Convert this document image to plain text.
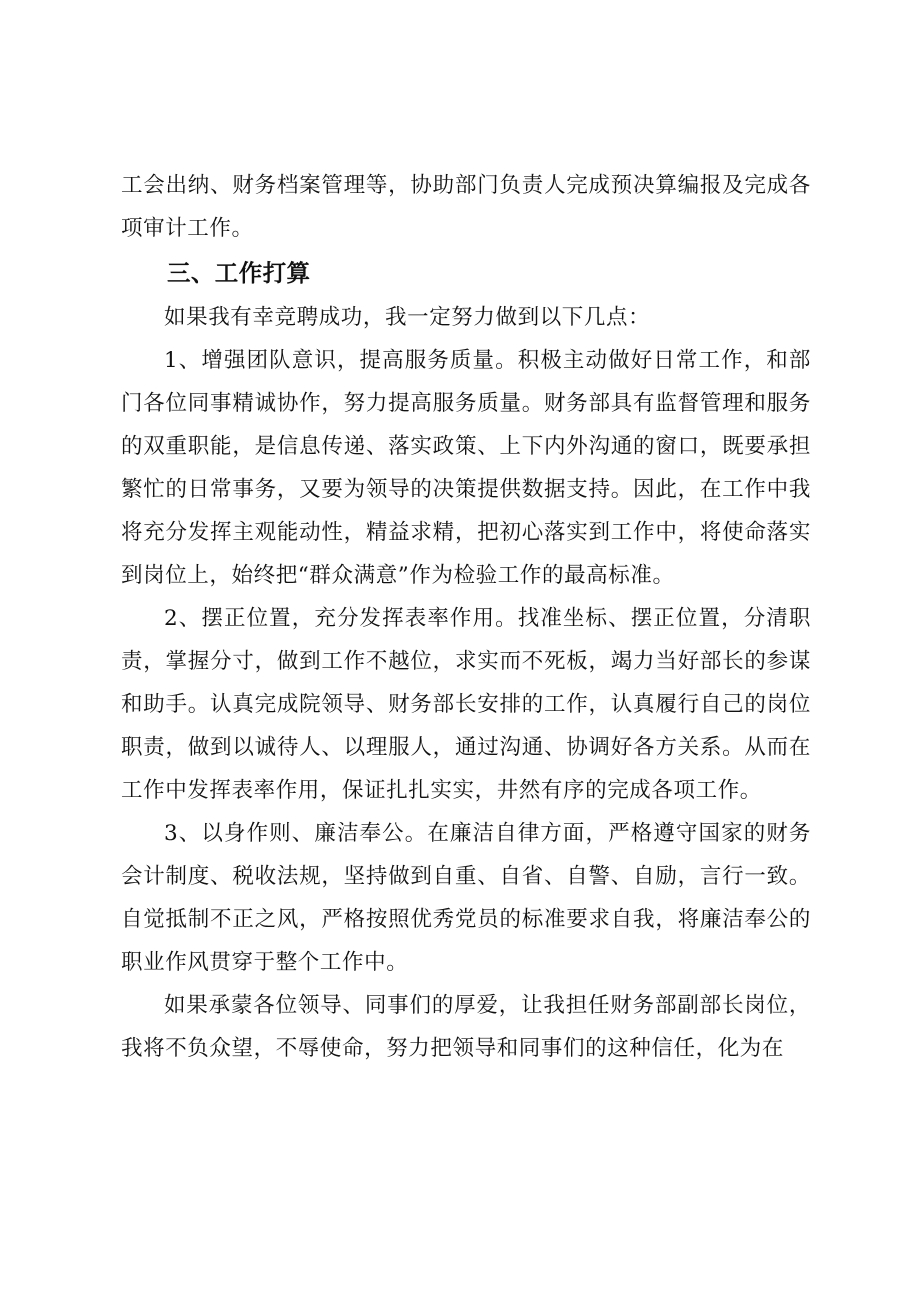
工会出纳、财务档案管理等，协助部门负责人完成预决算编报及完成各项审计工作。

三、工作打算

如果我有幸竞聘成功，我一定努力做到以下几点：

1、增强团队意识，提高服务质量。积极主动做好日常工作，和部门各位同事精诚协作，努力提高服务质量。财务部具有监督管理和服务的双重职能，是信息传递、落实政策、上下内外沟通的窗口，既要承担繁忙的日常事务，又要为领导的决策提供数据支持。因此，在工作中我将充分发挥主观能动性，精益求精，把初心落实到工作中，将使命落实到岗位上，始终把“群众满意”作为检验工作的最高标准。

2、摆正位置，充分发挥表率作用。找准坐标、摆正位置，分清职责，掌握分寸，做到工作不越位，求实而不死板，竭力当好部长的参谋和助手。认真完成院领导、财务部长安排的工作，认真履行自己的岗位职责，做到以诚待人、以理服人，通过沟通、协调好各方关系。从而在工作中发挥表率作用，保证扎扎实实，井然有序的完成各项工作。

3、以身作则、廉洁奉公。在廉洁自律方面，严格遵守国家的财务会计制度、税收法规，坚持做到自重、自省、自警、自励，言行一致。自觉抵制不正之风，严格按照优秀党员的标准要求自我，将廉洁奉公的职业作风贯穿于整个工作中。

如果承蒙各位领导、同事们的厚爱，让我担任财务部副部长岗位，我将不负众望，不辱使命，努力把领导和同事们的这种信任，化为在
